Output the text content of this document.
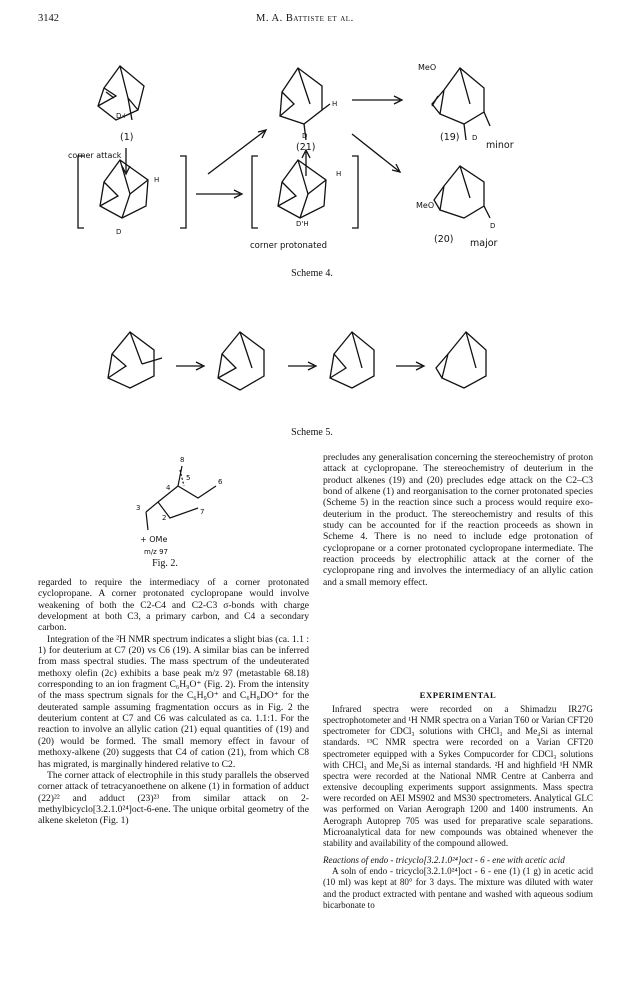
3142	M. A. Battiste et al.
(1)
D+
corner attack
(21)
D
H
MeO
(19) D
minor
MeO
D
(20) major
D
H
D'H
H
corner protonated
Scheme 4.
Scheme 5.
8
5
4
6
3
2
7
+ OMe
m/z 97
Fig. 2.

regarded to require the intermediacy of a corner protonated cyclopropane. A corner protonated cyclopropane would involve weakening of both the C2-C4 and C2-C3 σ-bonds with charge development at both C3, a primary carbon, and C4 a secondary carbon.

Integration of the ²H NMR spectrum indicates a slight bias (ca. 1.1 : 1) for deuterium at C7 (20) vs C6 (19). A similar bias can be inferred from mass spectral studies. The mass spectrum of the undeuterated methoxy olefin (2c) exhibits a base peak m/z 97 (metastable 68.18) corresponding to an ion fragment C₆H₉O⁺ (Fig. 2). From the intensity of the mass spectrum signals for the C₆H₉O⁺ and C₆H₈DO⁺ for the deuterated sample assuming fragmentation occurs as in Fig. 2 the deuterium content at C7 and C6 was calculated as ca. 1.1:1. For the reaction to involve an allylic cation (21) equal quantities of (19) and (20) would be formed. The small memory effect in favour of methoxy-alkene (20) suggests that C4 of cation (21), from which C8 has migrated, is marginally hindered relative to C2.

The corner attack of electrophile in this study parallels the observed corner attack of tetracyanoethene on alkene (1) in formation of adduct (22)²² and adduct (23)²³ from similar attack on 2-methylbicyclo[3.2.1.0²⁴]oct-6-ene. The unique orbital geometry of the alkene skeleton (Fig. 1)

precludes any generalisation concerning the stereochemistry of proton attack at cyclopropane. The stereochemistry of deuterium in the product alkenes (19) and (20) precludes edge attack on the C2–C3 bond of alkene (1) and reorganisation to the corner protonated species (Scheme 5) in the reaction since such a process would require exo-deuterium in the product. The stereochemistry and results of this study can be accounted for if the reaction proceeds as shown in Scheme 4. There is no need to include edge protonation of cyclopropane or a corner protonated cyclopropane intermediate. The reaction proceeds by electrophilic attack at the corner of the cyclopropane ring and involves the intermediacy of an allylic cation and a small memory effect.

EXPERIMENTAL

Infrared spectra were recorded on a Shimadzu IR27G spectrophotometer and ¹H NMR spectra on a Varian T60 or Varian CFT20 spectrometer for CDCl₃ solutions with CHCl₃ and Me₄Si as internal standards. ¹³C NMR spectra were recorded on a Varian CFT20 spectrometer equipped with a Sykes Compucorder for CDCl₃ solutions with CHCl₃ and Me₄Si as internal standards. ²H and highfield ¹H NMR spectra were recorded at the National NMR Centre at Canberra and extensive decoupling experiments support assignments. Mass spectra were recorded on AEI MS902 and MS30 spectrometers. Analytical GLC was performed on Varian Aerograph 1200 and 1400 instruments. An Aerograph Autoprep 705 was used for preparative scale separations. Microanalytical data for new compounds was obtained whenever the stability and availability of the compound allowed.

Reactions of endo - tricyclo[3.2.1.0²⁴]oct - 6 - ene with acetic acid

A soln of endo - tricyclo[3.2.1.0²⁴]oct - 6 - ene (1) (1 g) in acetic acid (10 ml) was kept at 80° for 3 days. The mixture was diluted with water and the product extracted with pentane and washed with aqueous sodium bicarbonate to
